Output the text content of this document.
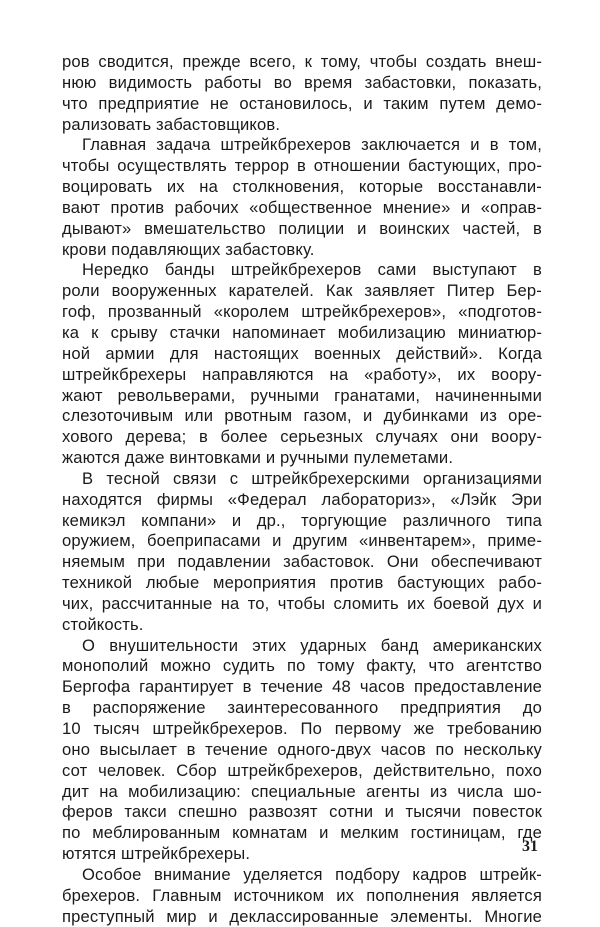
ров сводится, прежде всего, к тому, чтобы создать внеш-
нюю видимость работы во время забастовки, показать,
что предприятие не остановилось, и таким путем демо-
рализовать забастовщиков.
Главная задача штрейкбрехеров заключается и в том,
чтобы осуществлять террор в отношении бастующих, про-
воцировать их на столкновения, которые восстанавли-
вают против рабочих «общественное мнение» и «оправ-
дывают» вмешательство полиции и воинских частей, в
крови подавляющих забастовку.
Нередко банды штрейкбрехеров сами выступают в
роли вооруженных карателей. Как заявляет Питер Бер-
гоф, прозванный «королем штрейкбрехеров», «подготов-
ка к срыву стачки напоминает мобилизацию миниатюр-
ной армии для настоящих военных действий». Когда
штрейкбрехеры направляются на «работу», их воору-
жают револьверами, ручными гранатами, начиненными
слезоточивым или рвотным газом, и дубинками из оре-
хового дерева; в более серьезных случаях они воору-
жаются даже винтовками и ручными пулеметами.
В тесной связи с штрейкбрехерскими организациями
находятся фирмы «Федерал лабораториз», «Лэйк Эри
кемикэл компани» и др., торгующие различного типа
оружием, боеприпасами и другим «инвентарем», приме-
няемым при подавлении забастовок. Они обеспечивают
техникой любые мероприятия против бастующих рабо-
чих, рассчитанные на то, чтобы сломить их боевой дух и
стойкость.
О внушительности этих ударных банд американских
монополий можно судить по тому факту, что агентство
Бергофа гарантирует в течение 48 часов предоставление
в распоряжение заинтересованного предприятия до
10 тысяч штрейкбрехеров. По первому же требованию
оно высылает в течение одного-двух часов по нескольку
сот человек. Сбор штрейкбрехеров, действительно, похо
дит на мобилизацию: специальные агенты из числа шо-
феров такси спешно развозят сотни и тысячи повесток
по меблированным комнатам и мелким гостиницам, где
ютятся штрейкбрехеры.
Особое внимание уделяется подбору кадров штрейк-
брехеров. Главным источником их пополнения является
преступный мир и деклассированные элементы. Многие
31
